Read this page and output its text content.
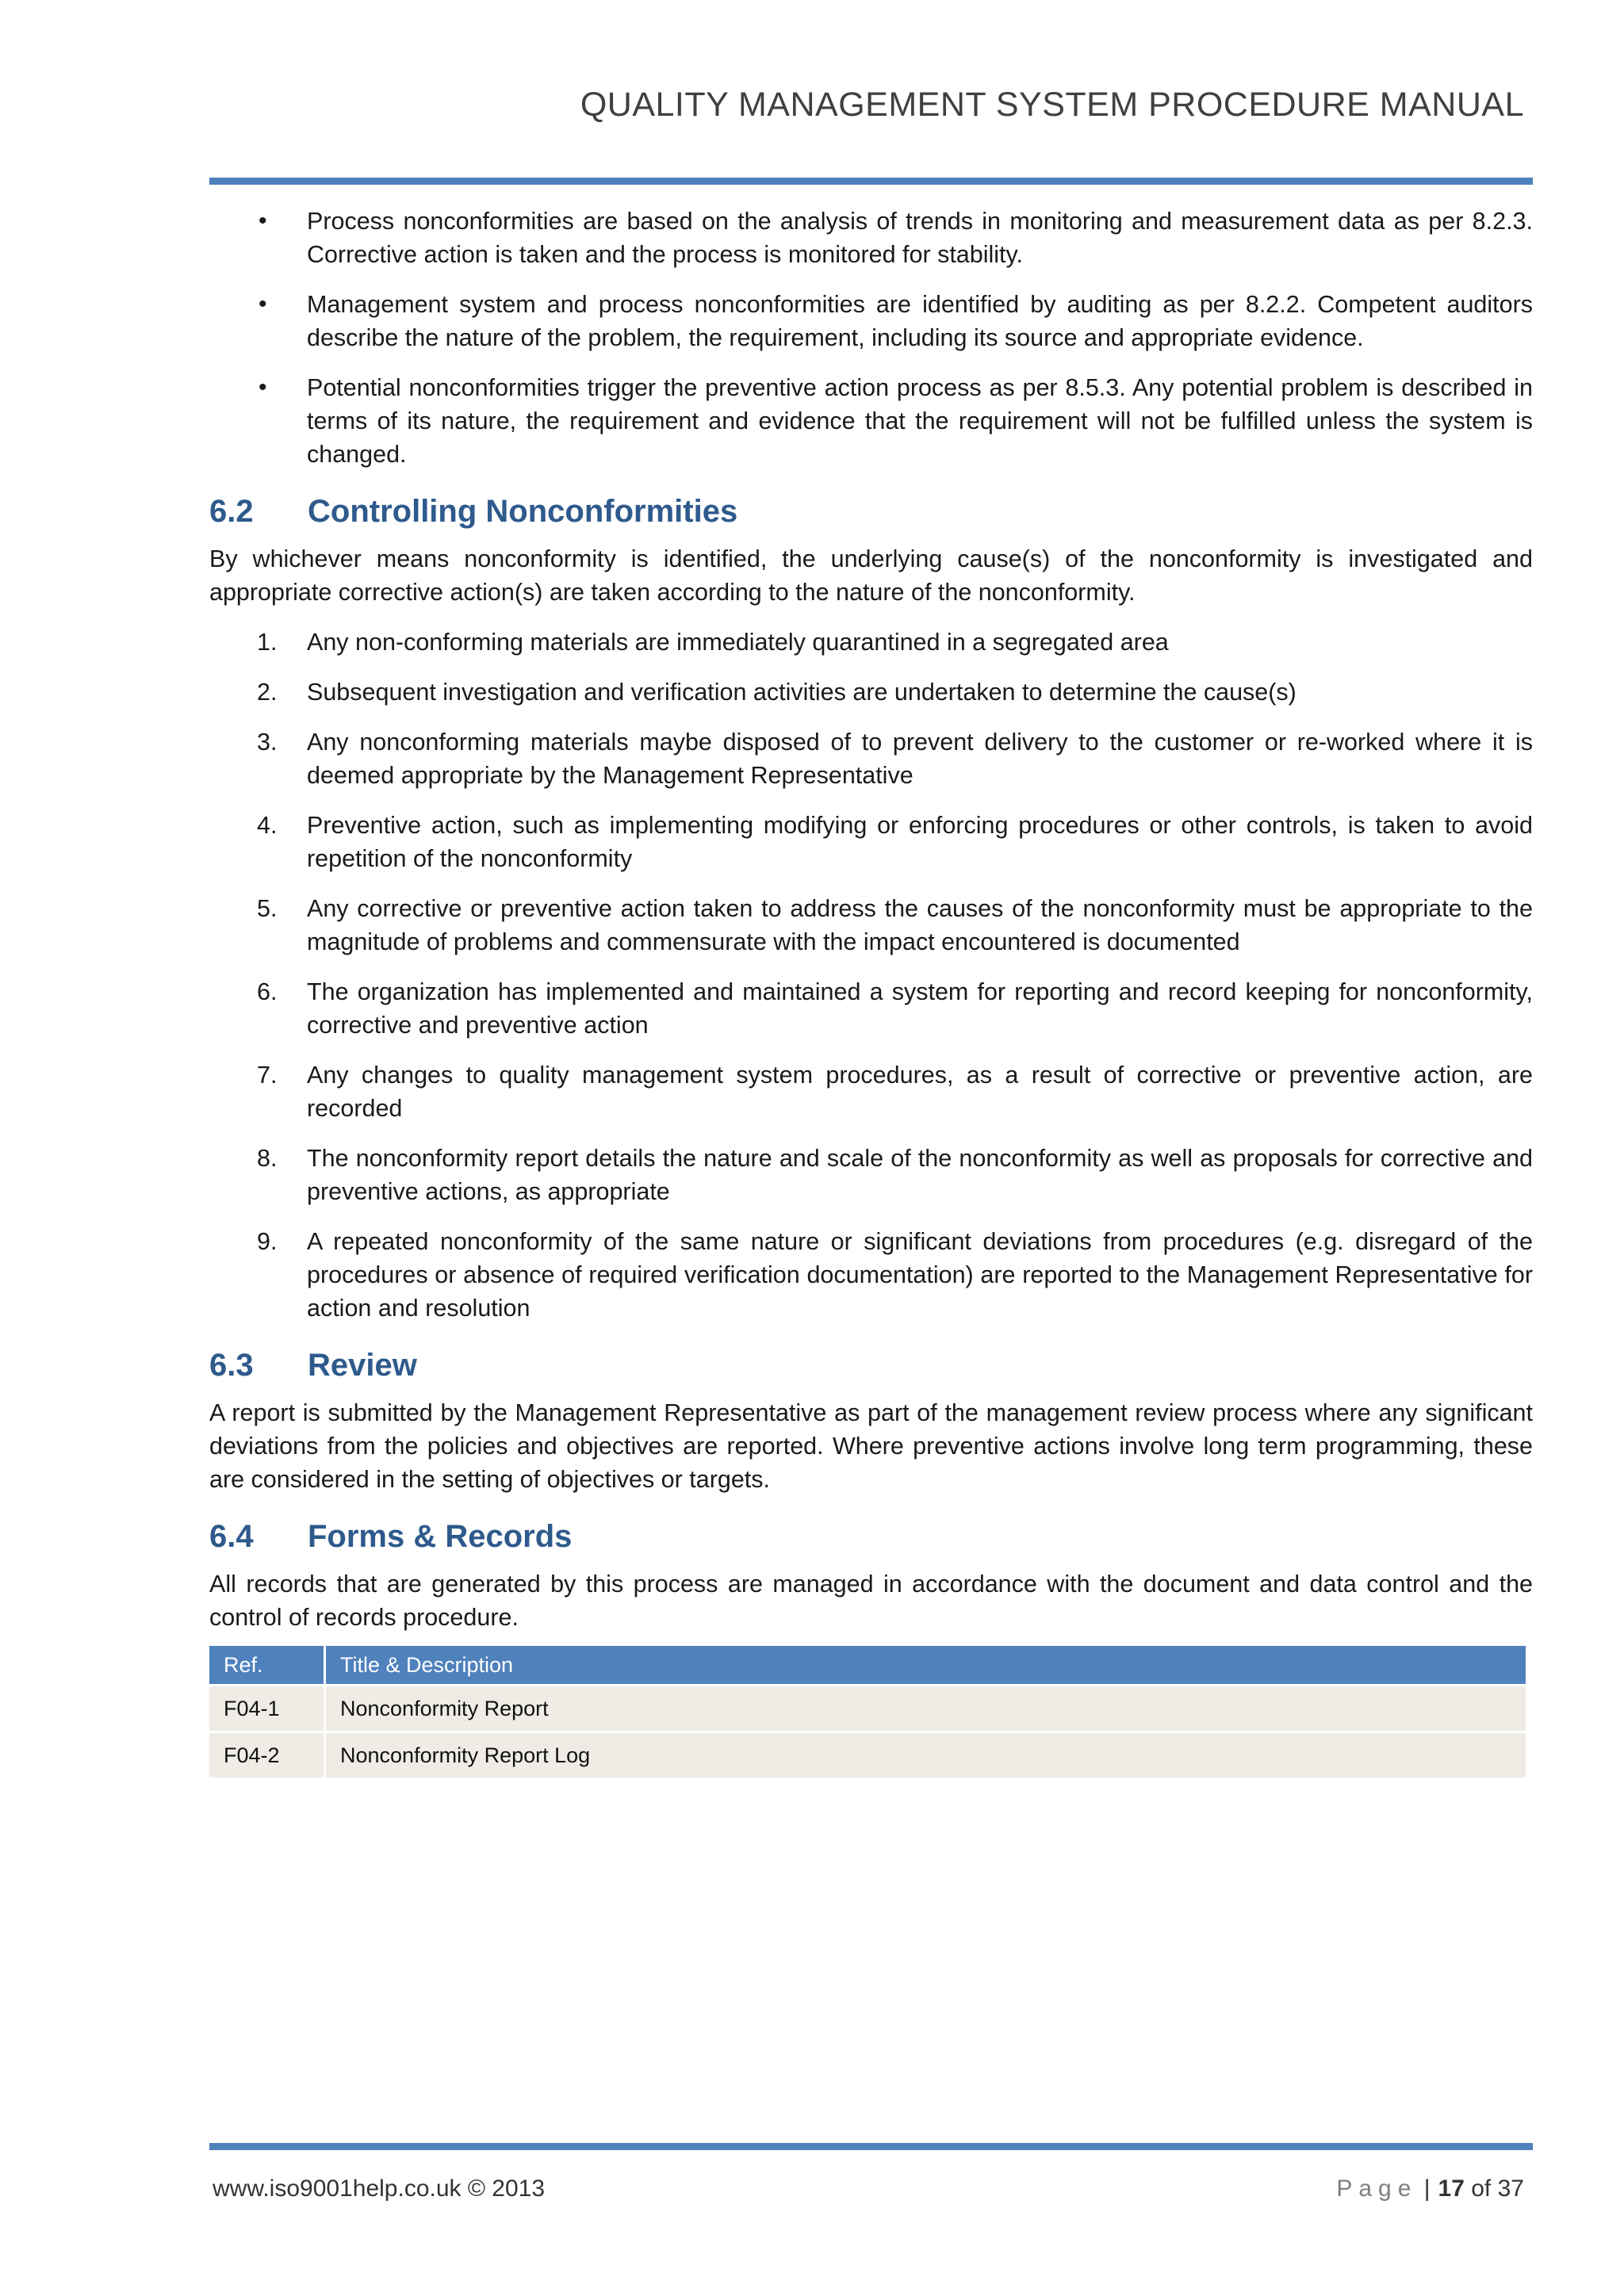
QUALITY MANAGEMENT SYSTEM PROCEDURE MANUAL
•	Process nonconformities are based on the analysis of trends in monitoring and measurement data as per 8.2.3. Corrective action is taken and the process is monitored for stability.
•	Management system and process nonconformities are identified by auditing as per 8.2.2. Competent auditors describe the nature of the problem, the requirement, including its source and appropriate evidence.
•	Potential nonconformities trigger the preventive action process as per 8.5.3. Any potential problem is described in terms of its nature, the requirement and evidence that the requirement will not be fulfilled unless the system is changed.
6.2	Controlling Nonconformities

By whichever means nonconformity is identified, the underlying cause(s) of the nonconformity is investigated and appropriate corrective action(s) are taken according to the nature of the nonconformity.

1.	Any non-conforming materials are immediately quarantined in a segregated area
2.	Subsequent investigation and verification activities are undertaken to determine the cause(s)
3.	Any nonconforming materials maybe disposed of to prevent delivery to the customer or re-worked where it is deemed appropriate by the Management Representative
4.	Preventive action, such as implementing modifying or enforcing procedures or other controls, is taken to avoid repetition of the nonconformity
5.	Any corrective or preventive action taken to address the causes of the nonconformity must be appropriate to the magnitude of problems and commensurate with the impact encountered is documented
6.	The organization has implemented and maintained a system for reporting and record keeping for nonconformity, corrective and preventive action
7.	Any changes to quality management system procedures, as a result of corrective or preventive action, are recorded
8.	The nonconformity report details the nature and scale of the nonconformity as well as proposals for corrective and preventive actions, as appropriate
9.	A repeated nonconformity of the same nature or significant deviations from procedures (e.g. disregard of the procedures or absence of required verification documentation) are reported to the Management Representative for action and resolution
6.3	Review

A report is submitted by the Management Representative as part of the management review process where any significant deviations from the policies and objectives are reported. Where preventive actions involve long term programming, these are considered in the setting of objectives or targets.

6.4	Forms & Records

All records that are generated by this process are managed in accordance with the document and data control and the control of records procedure.

Ref.	Title & Description
F04-1	Nonconformity Report
F04-2	Nonconformity Report Log
www.iso9001help.co.uk © 2013	Page | 17 of 37
